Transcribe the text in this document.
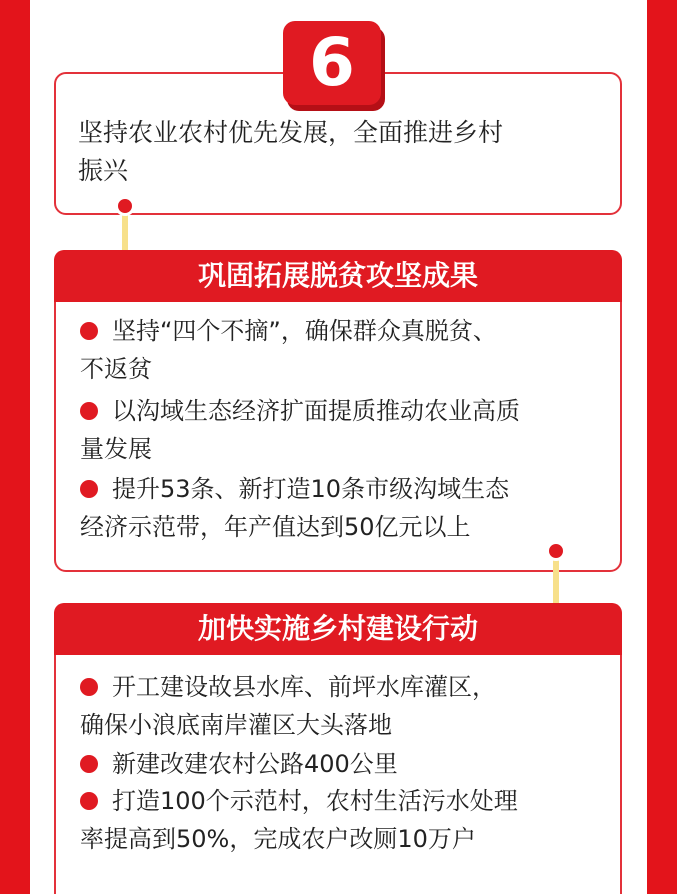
6
坚持农业农村优先发展，全面推进乡村
振兴
巩固拓展脱贫攻坚成果
坚持“四个不摘”，确保群众真脱贫、
不返贫
以沟域生态经济扩面提质推动农业高质
量发展
提升53条、新打造10条市级沟域生态
经济示范带，年产值达到50亿元以上
加快实施乡村建设行动
开工建设故县水库、前坪水库灌区，
确保小浪底南岸灌区大头落地
新建改建农村公路400公里
打造100个示范村，农村生活污水处理
率提高到50%，完成农户改厕10万户
